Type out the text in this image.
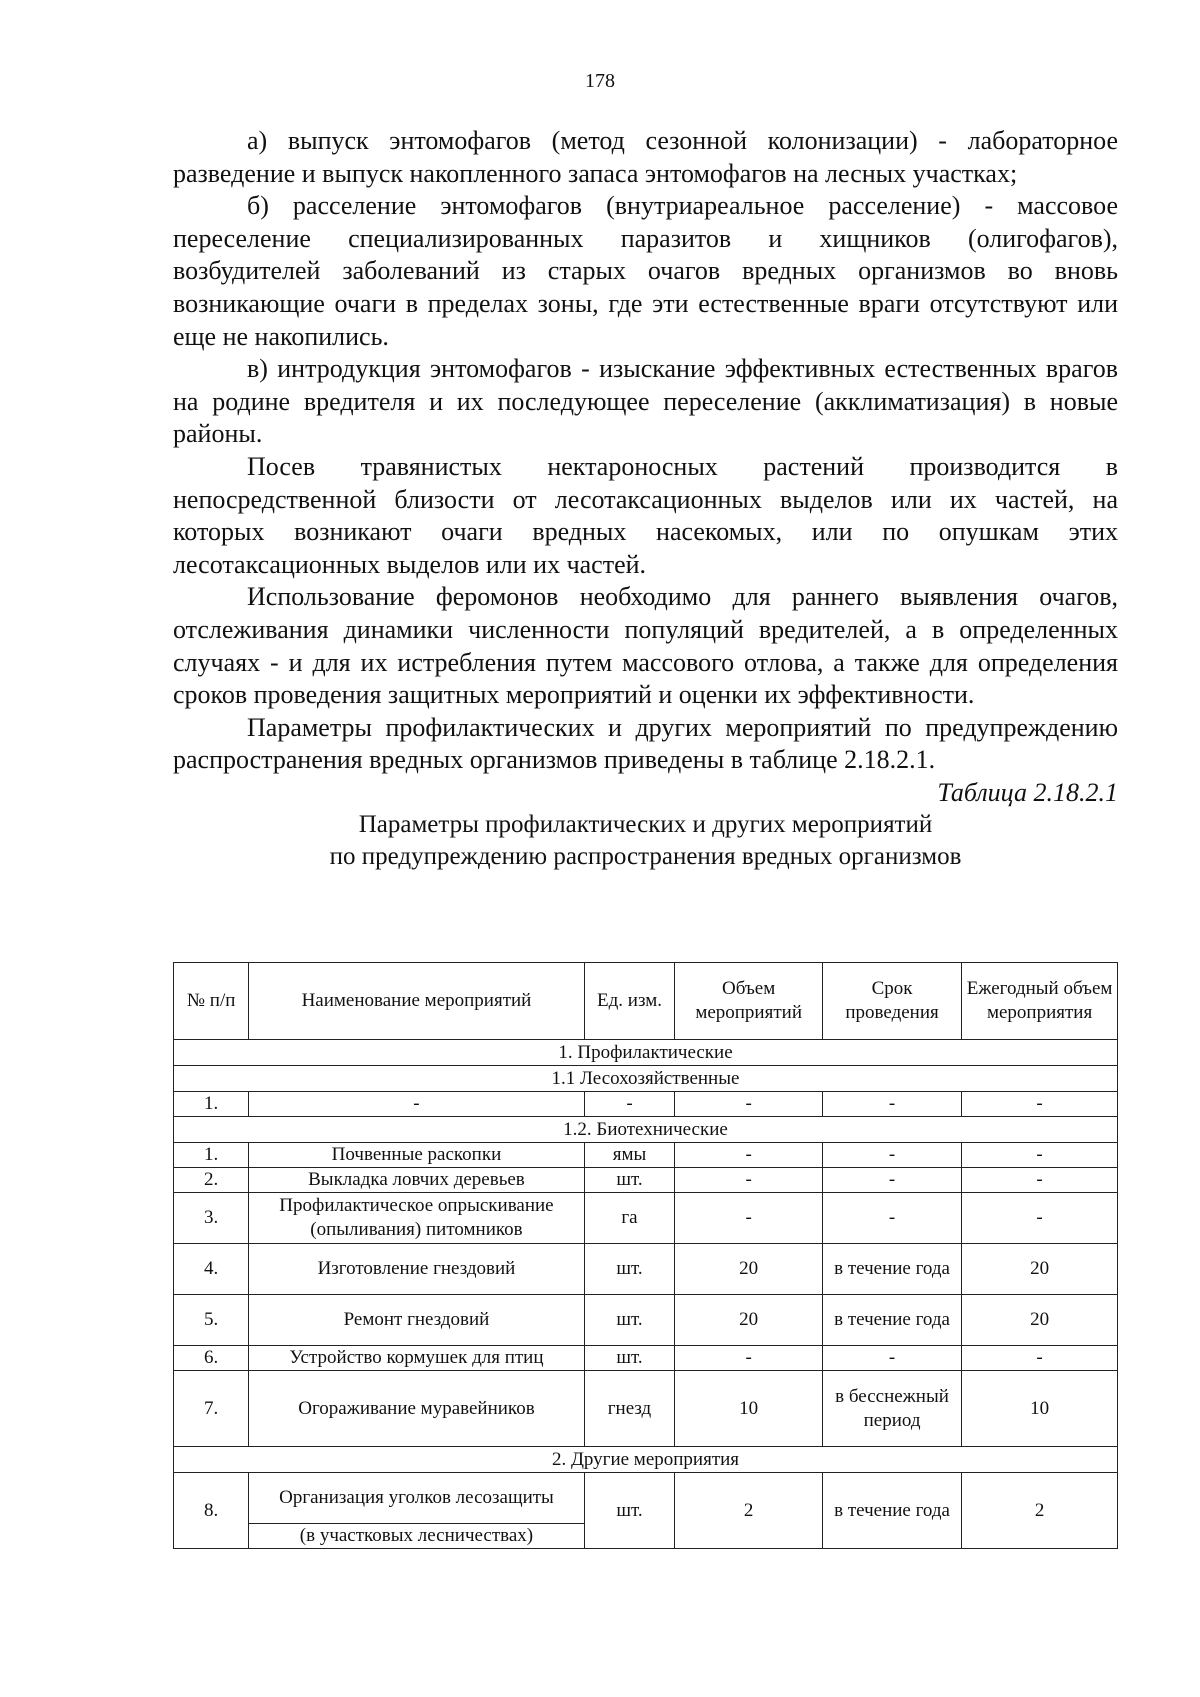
178

а) выпуск энтомофагов (метод сезонной колонизации) - лабораторное разведение и выпуск накопленного запаса энтомофагов на лесных участках;

б) расселение энтомофагов (внутриареальное расселение) - массовое переселение специализированных паразитов и хищников (олигофагов), возбудителей заболеваний из старых очагов вредных организмов во вновь возникающие очаги в пределах зоны, где эти естественные враги отсутствуют или еще не накопились.

в) интродукция энтомофагов - изыскание эффективных естественных врагов на родине вредителя и их последующее переселение (акклиматизация) в новые районы.

Посев травянистых нектароносных растений производится в непосредственной близости от лесотаксационных выделов или их частей, на которых возникают очаги вредных насекомых, или по опушкам этих лесотаксационных выделов или их частей.

Использование феромонов необходимо для раннего выявления очагов, отслеживания динамики численности популяций вредителей, а в определенных случаях - и для их истребления путем массового отлова, а также для определения сроков проведения защитных мероприятий и оценки их эффективности.

Параметры профилактических и других мероприятий по предупреждению распространения вредных организмов приведены в таблице 2.18.2.1.

Таблица 2.18.2.1

Параметры профилактических и других мероприятий

по предупреждению распространения вредных организмов

№ п/п	Наименование мероприятий	Ед. изм.	Объем мероприятий	Срок проведения	Ежегодный объем мероприятия
1. Профилактические					
1.1 Лесохозяйственные					
1.	-	-	-	-	-
1.2. Биотехнические					
1.	Почвенные раскопки	ямы	-	-	-
2.	Выкладка ловчих деревьев	шт.	-	-	-
3.	Профилактическое опрыскивание (опыливания) питомников	га	-	-	-
4.	Изготовление гнездовий	шт.	20	в течение года	20
5.	Ремонт гнездовий	шт.	20	в течение года	20
6.	Устройство кормушек для птиц	шт.	-	-	-
7.	Огораживание муравейников	гнезд	10	в бесснежный период	10
2. Другие мероприятия					
8.	Организация уголков лесозащиты	шт.	2	в течение года	2
	(в участковых лесничествах)				
